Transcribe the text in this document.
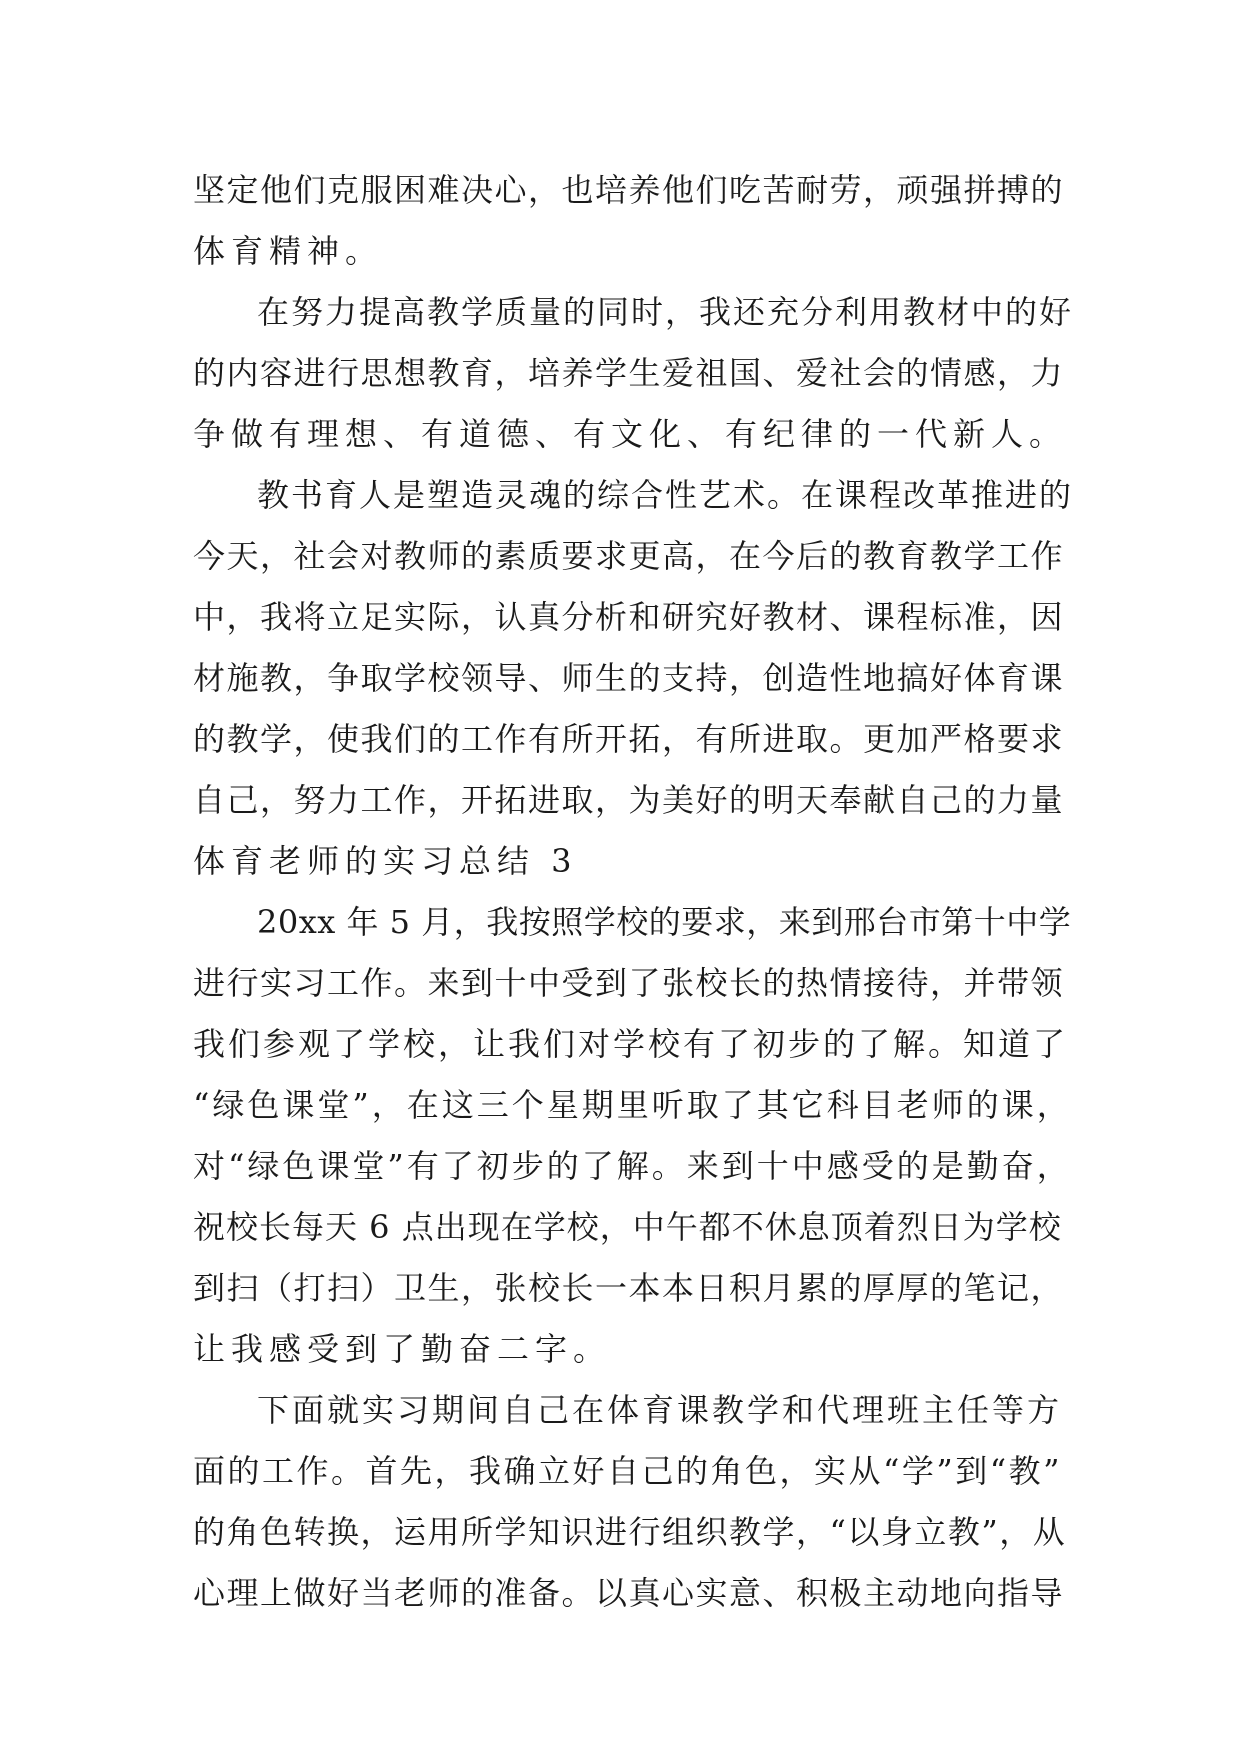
坚定他们克服困难决心，也培养他们吃苦耐劳，顽强拼搏的
体育精神。
在努力提高教学质量的同时，我还充分利用教材中的好
的内容进行思想教育，培养学生爱祖国、爱社会的情感，力
争做有理想、有道德、有文化、有纪律的一代新人。
教书育人是塑造灵魂的综合性艺术。在课程改革推进的
今天，社会对教师的素质要求更高，在今后的教育教学工作
中，我将立足实际，认真分析和研究好教材、课程标准，因
材施教，争取学校领导、师生的支持，创造性地搞好体育课
的教学，使我们的工作有所开拓，有所进取。更加严格要求
自己，努力工作，开拓进取，为美好的明天奉献自己的力量
体育老师的实习总结 3
20xx 年 5 月，我按照学校的要求，来到邢台市第十中学
进行实习工作。来到十中受到了张校长的热情接待，并带领
我们参观了学校，让我们对学校有了初步的了解。知道了
“绿色课堂”，在这三个星期里听取了其它科目老师的课，
对“绿色课堂”有了初步的了解。来到十中感受的是勤奋，
祝校长每天 6 点出现在学校，中午都不休息顶着烈日为学校
到扫（打扫）卫生，张校长一本本日积月累的厚厚的笔记，
让我感受到了勤奋二字。
下面就实习期间自己在体育课教学和代理班主任等方
面的工作。首先，我确立好自己的角色，实从“学”到“教”
的角色转换，运用所学知识进行组织教学，“以身立教”，从
心理上做好当老师的准备。以真心实意、积极主动地向指导
